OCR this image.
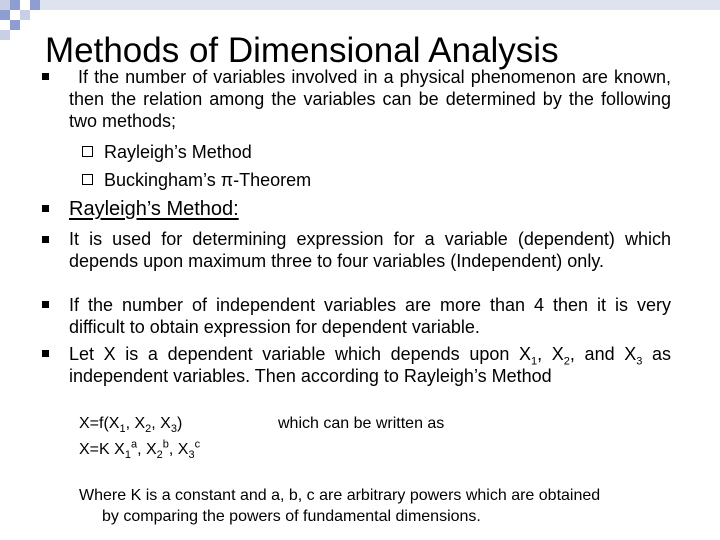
Methods of Dimensional Analysis
If the number of variables involved in a physical phenomenon are known, then the relation among the variables can be determined by the following two methods;
Rayleigh’s Method
Buckingham’s π-Theorem
Rayleigh’s Method:
It is used for determining expression for a variable (dependent) which depends upon maximum three to four variables (Independent) only.
If the number of independent variables are more than 4 then it is very difficult to obtain expression for dependent variable.
Let X is a dependent variable which depends upon $X_1$, $X_2$, and $X_3$ as independent variables. Then according to Rayleigh’s Method
$X=f(X_1$, $X_2$, $X_3$)	which can be written as
X=K $X_1^a$, $X_2^b$, $X_3^c$
Where K is a constant and a, b, c are arbitrary powers which are obtained
by comparing the powers of fundamental dimensions.
